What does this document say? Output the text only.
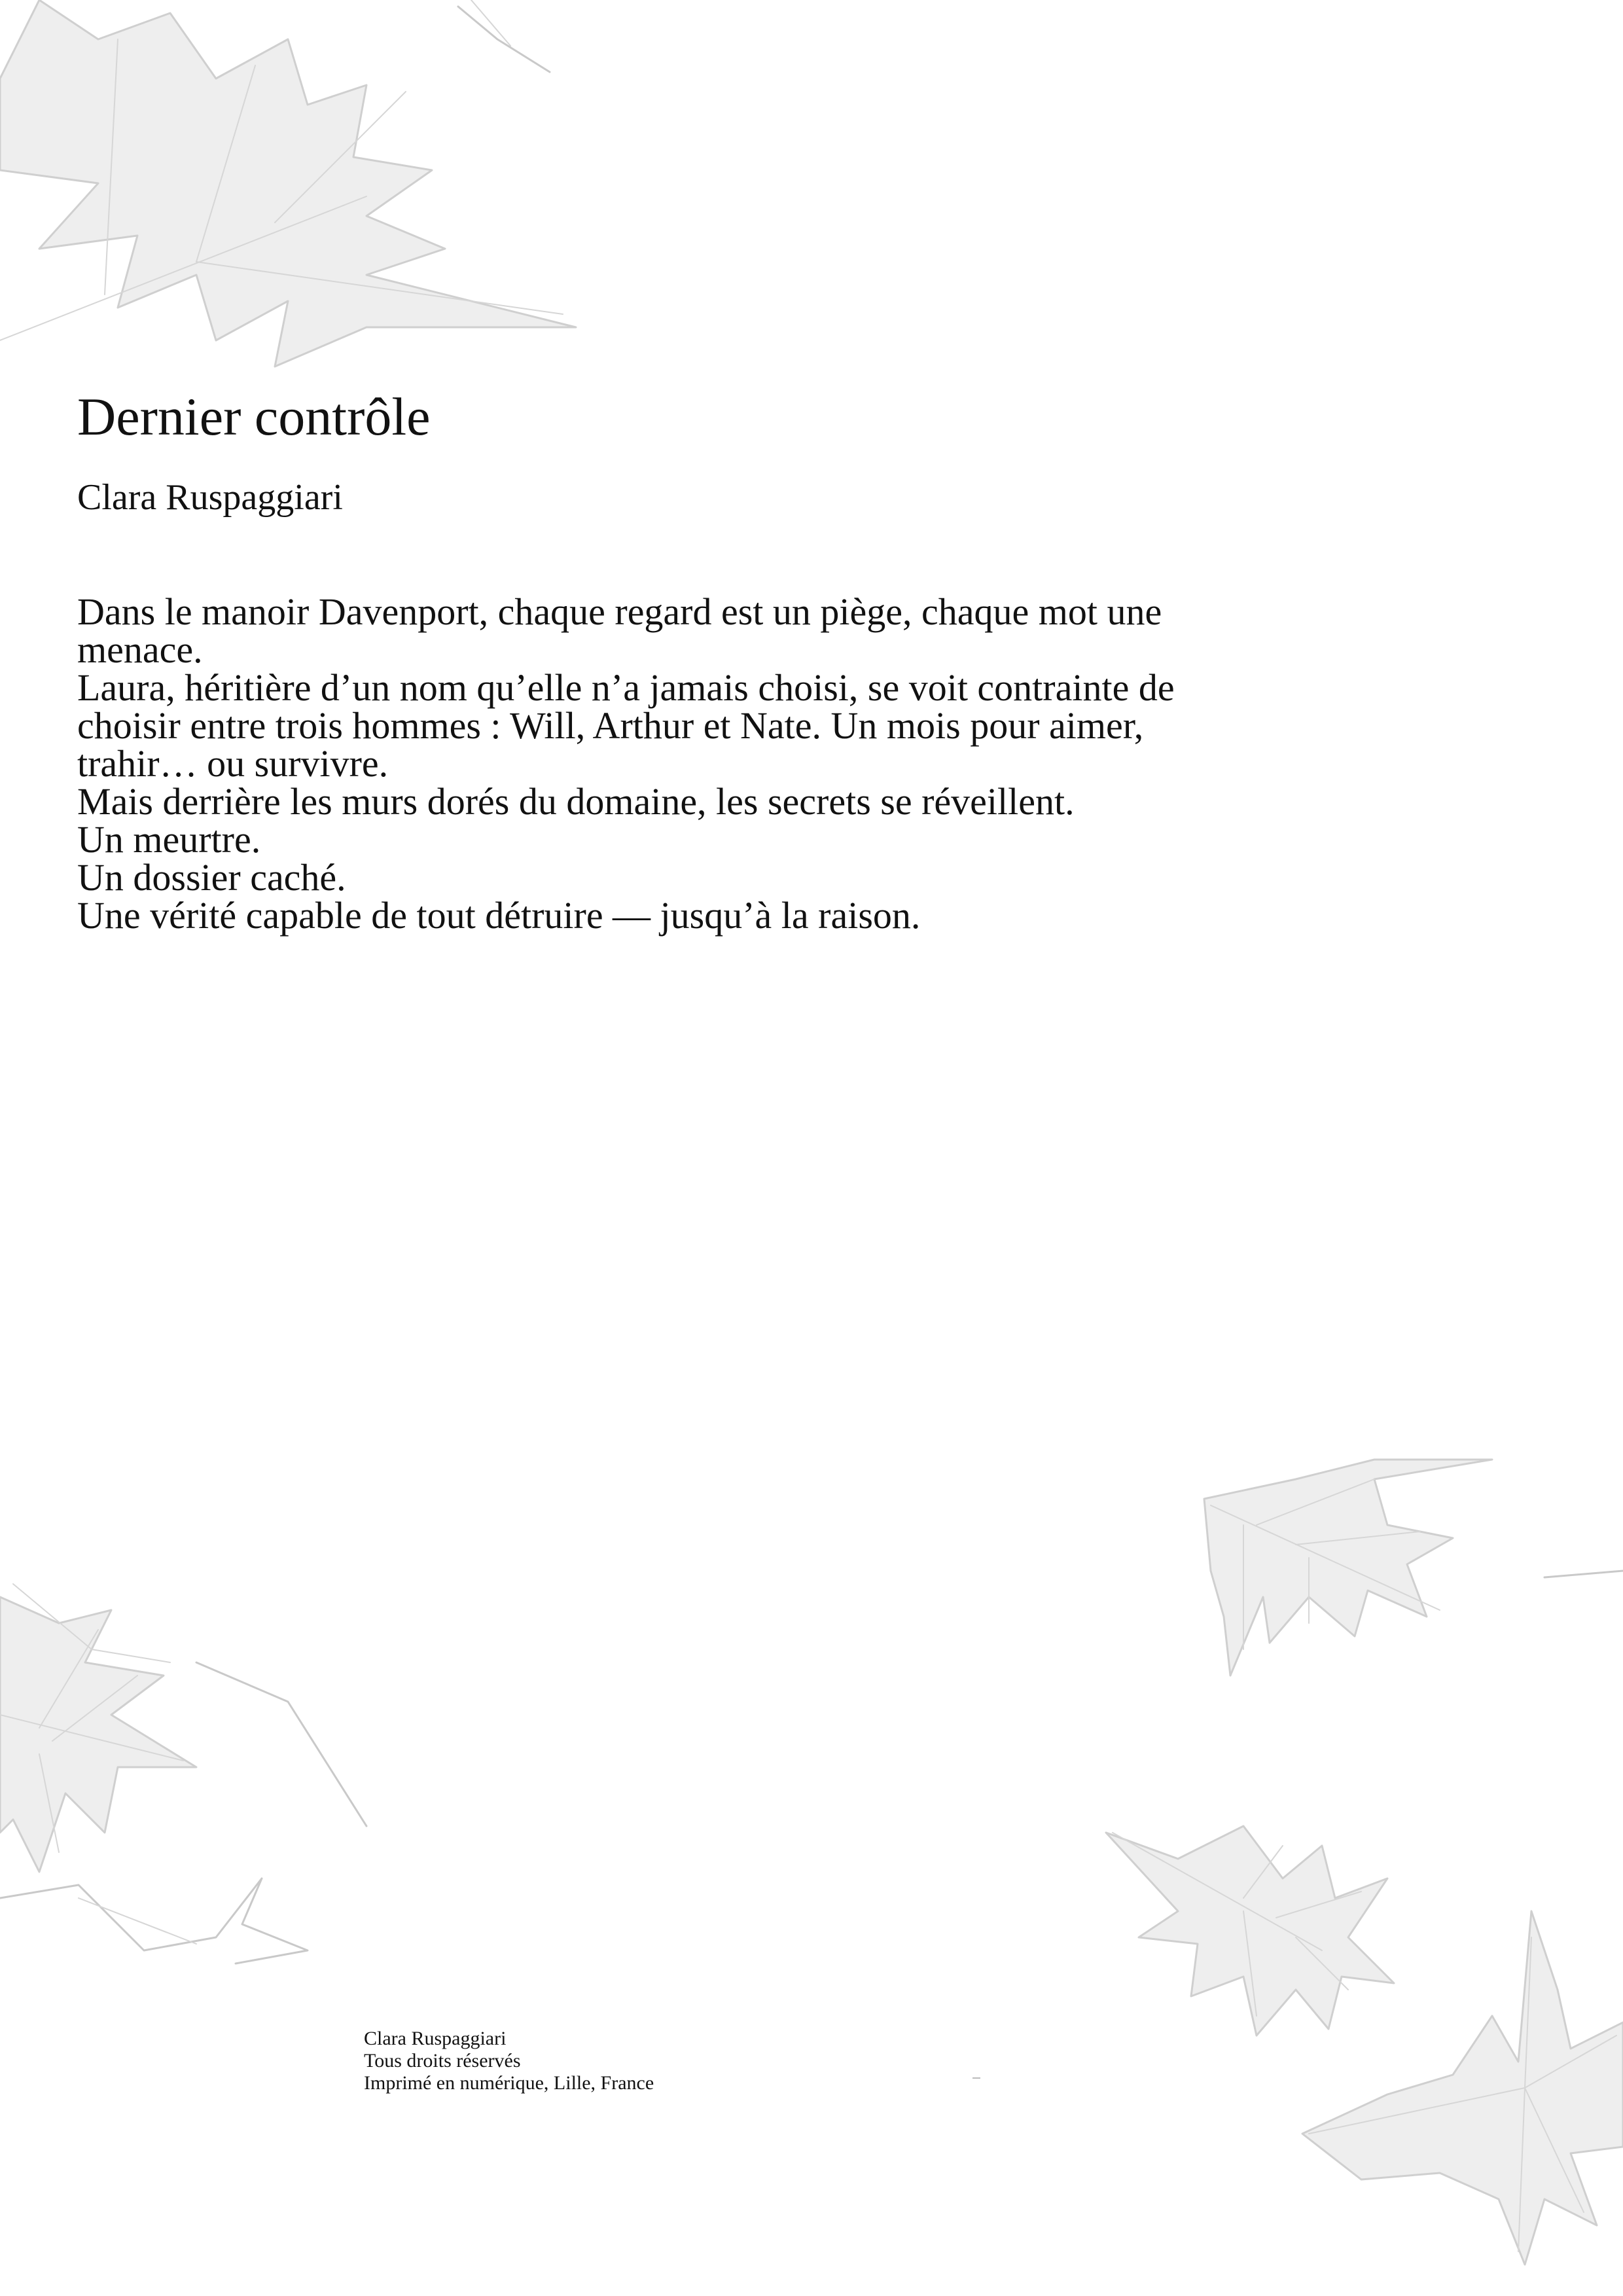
Dernier contrôle
Clara Ruspaggiari

Dans le manoir Davenport, chaque regard est un piège, chaque mot une menace.

Laura, héritière d’un nom qu’elle n’a jamais choisi, se voit contrainte de choisir entre trois hommes : Will, Arthur et Nate. Un mois pour aimer, trahir… ou survivre.

Mais derrière les murs dorés du domaine, les secrets se réveillent.

Un meurtre.

Un dossier caché.

Une vérité capable de tout détruire — jusqu’à la raison.

Clara Ruspaggiari
Tous droits réservés
Imprimé en numérique, Lille, France
